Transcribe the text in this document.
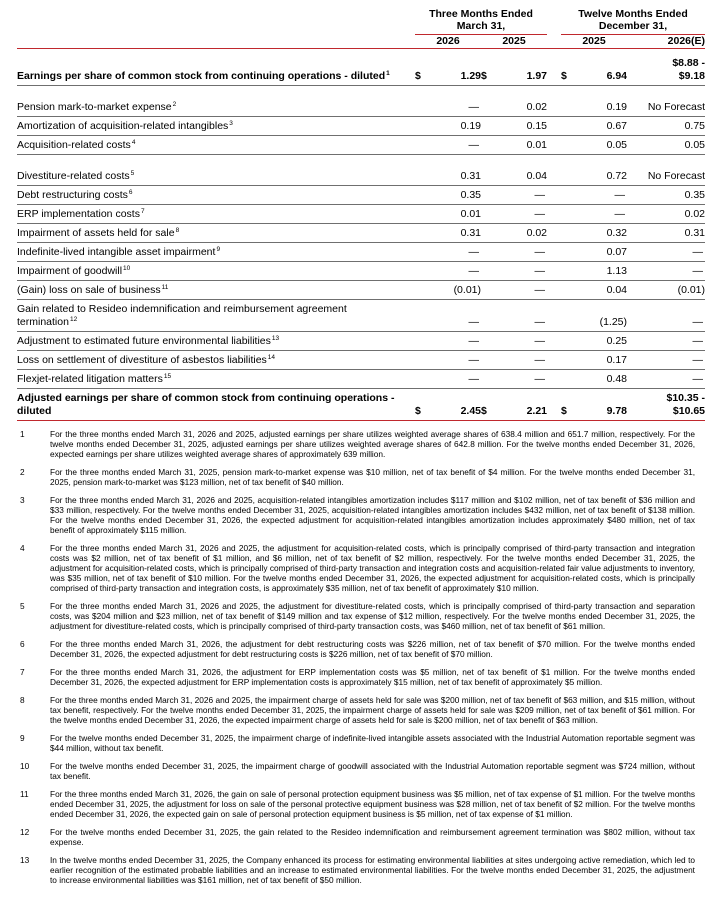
	Three Months Ended March 31,					Twelve Months Ended December 31,		

	2026		2025			2025		2026(E)
Earnings per share of common stock from continuing operations - diluted$^1$	$	1.29	$	1.97		$	6.94	$8.88 -
$9.18

Pension mark-to-market expense$^2$		—		0.02			0.19	No Forecast
Amortization of acquisition-related intangibles$^3$		0.19		0.15			0.67	0.75
Acquisition-related costs$^4$		—		0.01			0.05	0.05

Divestiture-related costs$^5$		0.31		0.04			0.72	No Forecast
Debt restructuring costs$^6$		0.35		—			—	0.35
ERP implementation costs$^7$		0.01		—			—	0.02
Impairment of assets held for sale$^8$		0.31		0.02			0.32	0.31
Indefinite-lived intangible asset impairment$^9$		—		—			0.07	—
Impairment of goodwill$^{10}$		—		—			1.13	—
(Gain) loss on sale of business$^{11}$		(0.01)		—			0.04	(0.01)
Gain related to Resideo indemnification and reimbursement agreement
termination$^{12}$		—		—			(1.25)	—
Adjustment to estimated future environmental liabilities$^{13}$		—		—			0.25	—
Loss on settlement of divestiture of asbestos liabilities$^{14}$		—		—			0.17	—
Flexjet-related litigation matters$^{15}$		—		—			0.48	—
Adjusted earnings per share of common stock from continuing operations -
diluted	$	2.45	$	2.21		$	9.78	$10.35 -
$10.65
1	For the three months ended March 31, 2026 and 2025, adjusted earnings per share utilizes weighted average shares of 638.4 million and 651.7 million, respectively. For the twelve months ended December 31, 2025, adjusted earnings per share utilizes weighted average shares of 642.8 million. For the twelve months ended December 31, 2026, expected earnings per share utilizes weighted average shares of approximately 639 million.
2	For the three months ended March 31, 2025, pension mark-to-market expense was $10 million, net of tax benefit of $4 million. For the twelve months ended December 31, 2025, pension mark-to-market was $123 million, net of tax benefit of $40 million.
3	For the three months ended March 31, 2026 and 2025, acquisition-related intangibles amortization includes $117 million and $102 million, net of tax benefit of $36 million and $33 million, respectively. For the twelve months ended December 31, 2025, acquisition-related intangibles amortization includes $432 million, net of tax benefit of $138 million. For the twelve months ended December 31, 2026, the expected adjustment for acquisition-related intangibles amortization includes approximately $480 million, net of tax benefit of approximately $115 million.
4	For the three months ended March 31, 2026 and 2025, the adjustment for acquisition-related costs, which is principally comprised of third-party transaction and integration costs was $2 million, net of tax benefit of $1 million, and $6 million, net of tax benefit of $2 million, respectively. For the twelve months ended December 31, 2025, the adjustment for acquisition-related costs, which is principally comprised of third-party transaction and integration costs and acquisition-related fair value adjustments to inventory, was $35 million, net of tax benefit of $10 million. For the twelve months ended December 31, 2026, the expected adjustment for acquisition-related costs, which is principally comprised of third-party transaction and integration costs, is approximately $35 million, net of tax benefit of approximately $10 million.
5	For the three months ended March 31, 2026 and 2025, the adjustment for divestiture-related costs, which is principally comprised of third-party transaction and separation costs, was $204 million and $23 million, net of tax benefit of $149 million and tax expense of $12 million, respectively. For the twelve months ended December 31, 2025, the adjustment for divestiture-related costs, which is principally comprised of third-party transaction costs, was $460 million, net of tax benefit of $61 million.
6	For the three months ended March 31, 2026, the adjustment for debt restructuring costs was $226 million, net of tax benefit of $70 million. For the twelve months ended December 31, 2026, the expected adjustment for debt restructuring costs is $226 million, net of tax benefit of $70 million.
7	For the three months ended March 31, 2026, the adjustment for ERP implementation costs was $5 million, net of tax benefit of $1 million. For the twelve months ended December 31, 2026, the expected adjustment for ERP implementation costs is approximately $15 million, net of tax benefit of approximately $5 million.
8	For the three months ended March 31, 2026 and 2025, the impairment charge of assets held for sale was $200 million, net of tax benefit of $63 million, and $15 million, without tax benefit, respectively. For the twelve months ended December 31, 2025, the impairment charge of assets held for sale was $209 million, net of tax benefit of $61 million. For the twelve months ended December 31, 2026, the expected impairment charge of assets held for sale is $200 million, net of tax benefit of $63 million.
9	For the twelve months ended December 31, 2025, the impairment charge of indefinite-lived intangible assets associated with the Industrial Automation reportable segment was $44 million, without tax benefit.
10	For the twelve months ended December 31, 2025, the impairment charge of goodwill associated with the Industrial Automation reportable segment was $724 million, without tax benefit.
11	For the three months ended March 31, 2026, the gain on sale of personal protection equipment business was $5 million, net of tax expense of $1 million. For the twelve months ended December 31, 2025, the adjustment for loss on sale of the personal protective equipment business was $28 million, net of tax benefit of $2 million. For the twelve months ended December 31, 2026, the expected gain on sale of personal protection equipment business is $5 million, net of tax expense of $1 million.
12	For the twelve months ended December 31, 2025, the gain related to the Resideo indemnification and reimbursement agreement termination was $802 million, without tax expense.
13	In the twelve months ended December 31, 2025, the Company enhanced its process for estimating environmental liabilities at sites undergoing active remediation, which led to earlier recognition of the estimated probable liabilities and an increase to estimated environmental liabilities. For the twelve months ended December 31, 2025, the adjustment to increase environmental liabilities was $161 million, net of tax benefit of $50 million.
